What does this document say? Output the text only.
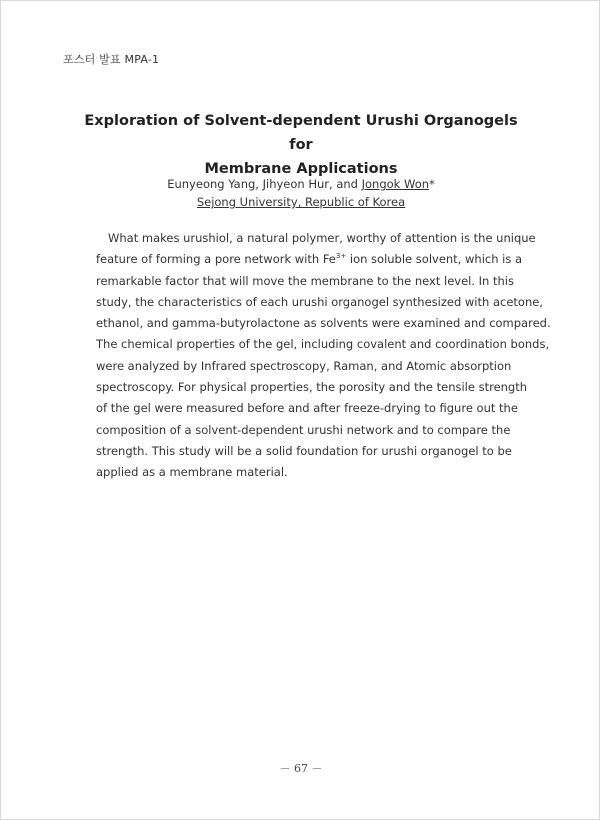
포스터 발표 MPA-1
Exploration of Solvent-dependent Urushi Organogels for
Membrane Applications
Eunyeong Yang, Jihyeon Hur, and Jongok Won*
Sejong University, Republic of Korea
What makes urushiol, a natural polymer, worthy of attention is the unique
feature of forming a pore network with $Fe^{3+}$ ion soluble solvent, which is a
remarkable factor that will move the membrane to the next level. In this
study, the characteristics of each urushi organogel synthesized with acetone,
ethanol, and gamma-butyrolactone as solvents were examined and compared.
The chemical properties of the gel, including covalent and coordination bonds,
were analyzed by Infrared spectroscopy, Raman, and Atomic absorption
spectroscopy. For physical properties, the porosity and the tensile strength
of the gel were measured before and after freeze-drying to figure out the
composition of a solvent-dependent urushi network and to compare the
strength. This study will be a solid foundation for urushi organogel to be
applied as a membrane material.
－ 67 －
